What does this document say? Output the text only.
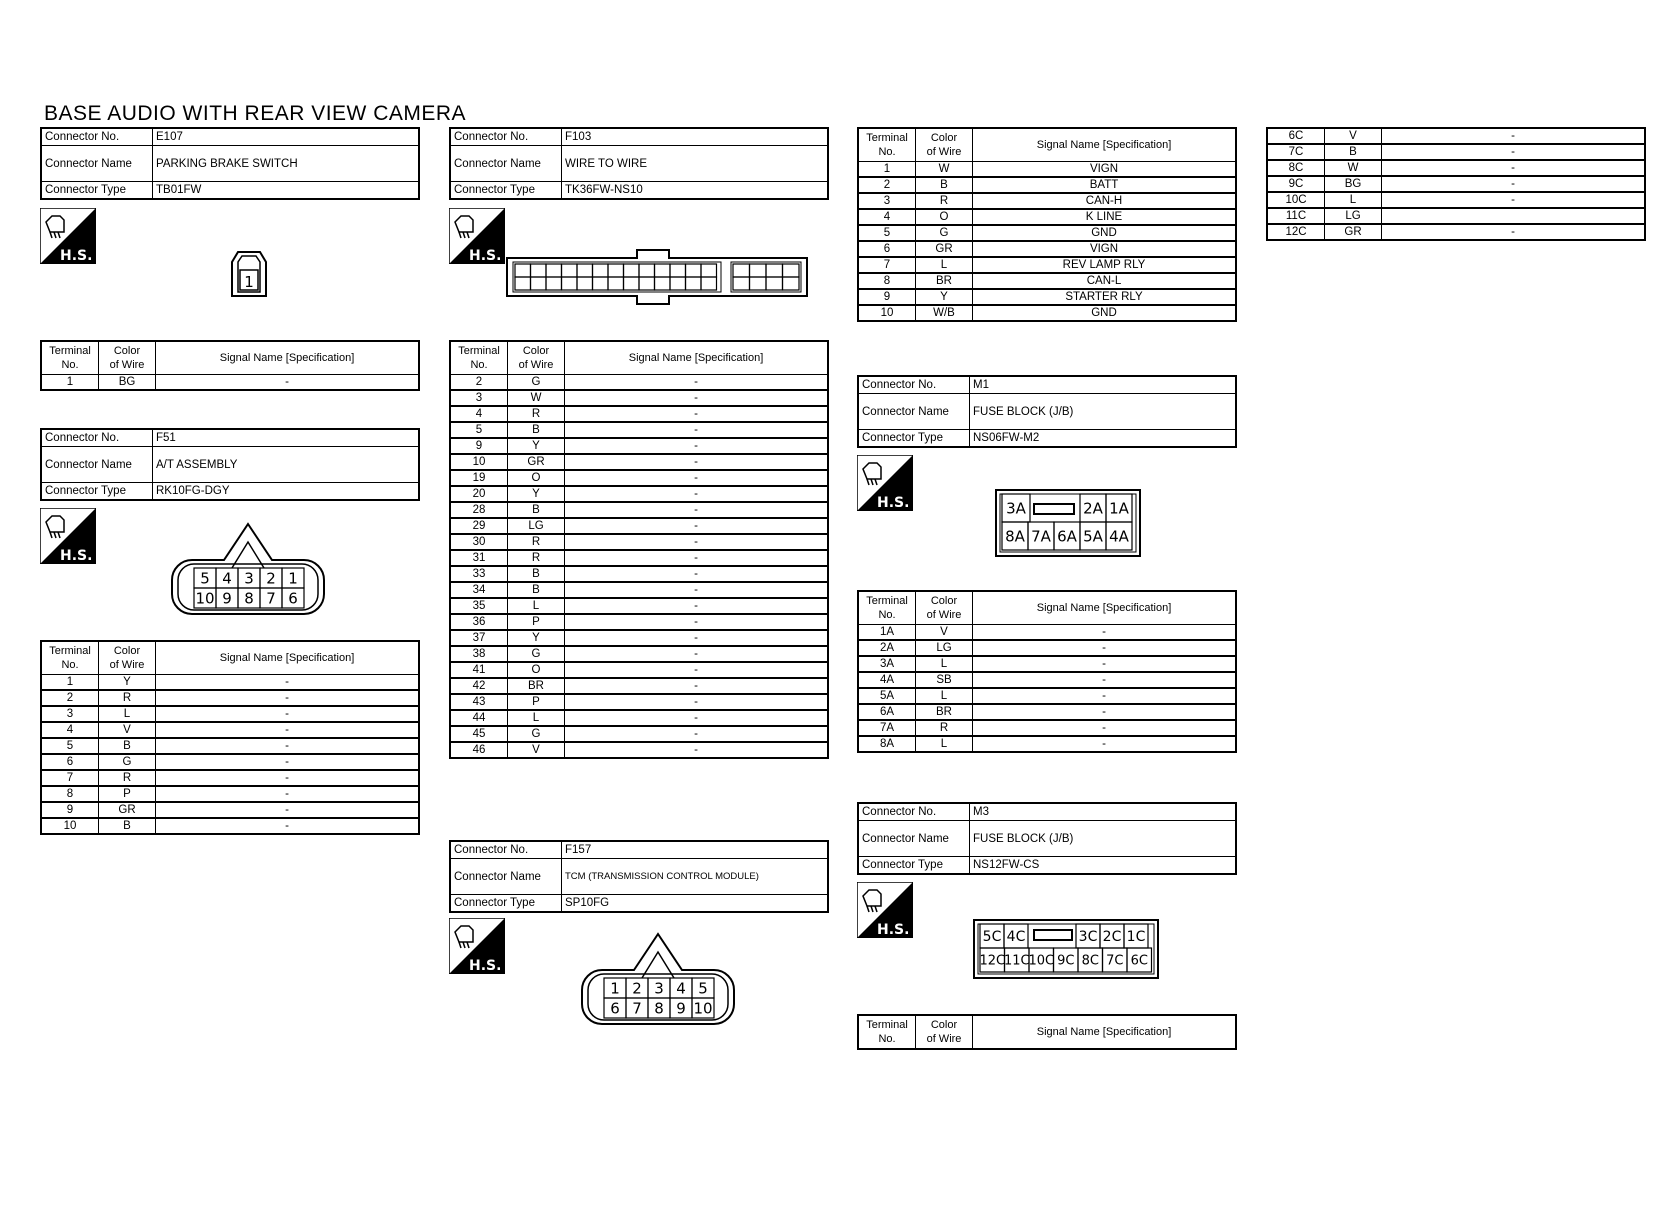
BASE AUDIO WITH REAR VIEW CAMERA
Connector No.	E107
Connector Name	PARKING BRAKE SWITCH
Connector Type	TB01FW
H.S.
1
Terminal
No.	Color
of Wire	Signal Name [Specification]
1	BG	-
Connector No.	F51
Connector Name	A/T ASSEMBLY
Connector Type	RK10FG-DGY
H.S.
5 4 3 2 1
10 9 8 7 6
Terminal
No.	Color
of Wire	Signal Name [Specification]
1	Y	-
2	R	-
3	L	-
4	V	-
5	B	-
6	G	-
7	R	-
8	P	-
9	GR	-
10	B	-
Connector No.	F103
Connector Name	WIRE TO WIRE
Connector Type	TK36FW-NS10
H.S.
Terminal
No.	Color
of Wire	Signal Name [Specification]
2	G	-
3	W	-
4	R	-
5	B	-
9	Y	-
10	GR	-
19	O	-
20	Y	-
28	B	-
29	LG	-
30	R	-
31	R	-
33	B	-
34	B	-
35	L	-
36	P	-
37	Y	-
38	G	-
41	O	-
42	BR	-
43	P	-
44	L	-
45	G	-
46	V	-
Connector No.	F157
Connector Name	TCM (TRANSMISSION CONTROL MODULE)
Connector Type	SP10FG
H.S.
1 2 3 4 5
6 7 8 9 10
Terminal
No.	Color
of Wire	Signal Name [Specification]
1	W	VIGN
2	B	BATT
3	R	CAN-H
4	O	K LINE
5	G	GND
6	GR	VIGN
7	L	REV LAMP RLY
8	BR	CAN-L
9	Y	STARTER RLY
10	W/B	GND
Connector No.	M1
Connector Name	FUSE BLOCK (J/B)
Connector Type	NS06FW-M2
H.S.	3A	2A 1A
8A 7A 6A 5A 4A
Terminal
No.	Color
of Wire	Signal Name [Specification]
1A	V	-
2A	LG	-
3A	L	-
4A	SB	-
5A	L	-
6A	BR	-
7A	R	-
8A	L	-
Connector No.	M3
Connector Name	FUSE BLOCK (J/B)
Connector Type	NS12FW-CS
H.S.	5C 4C	3C 2C 1C
12C
11C
10C 9C 8C 7C 6C
Terminal
No.	Color
of Wire	Signal Name [Specification]
6C	V	-
7C	B	-
8C	W	-
9C	BG	-
10C	L	-
11C	LG	
12C	GR	-
